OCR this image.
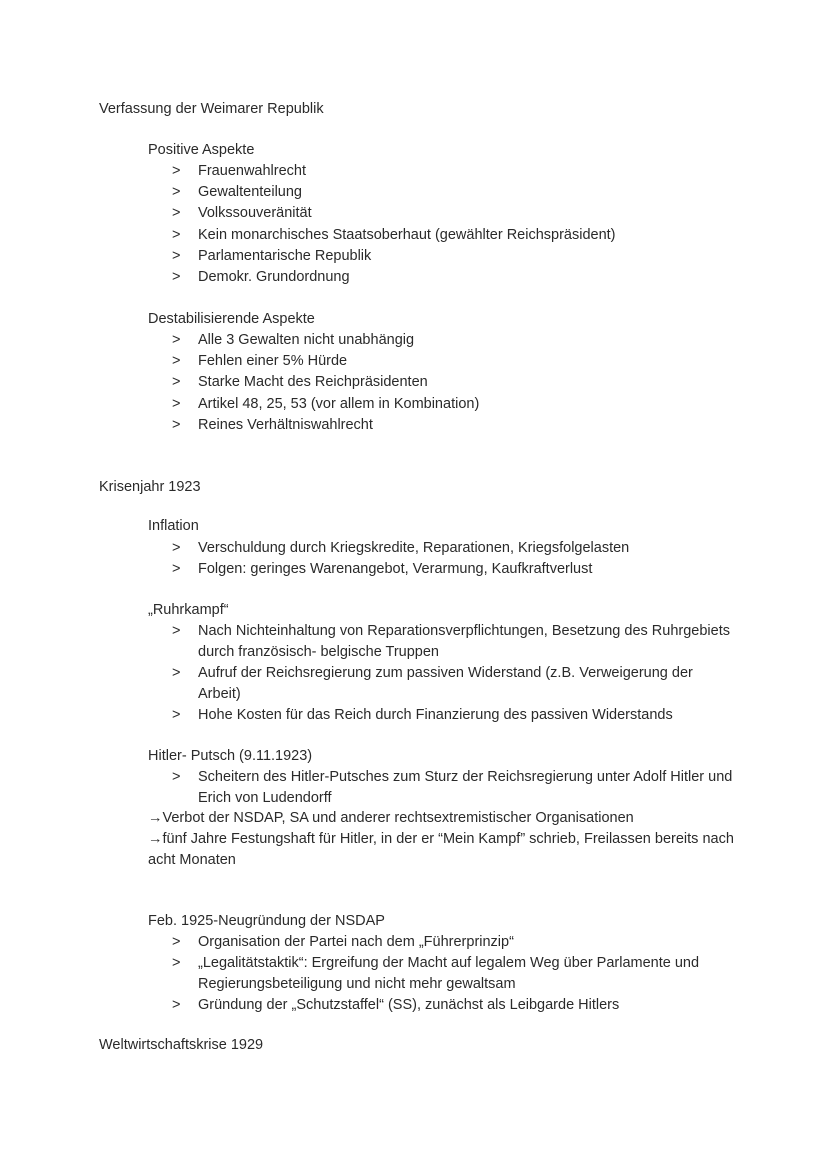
Verfassung der Weimarer Republik
Positive Aspekte
> Frauenwahlrecht
> Gewaltenteilung
> Volkssouveränität
> Kein monarchisches Staatsoberhaut (gewählter Reichspräsident)
> Parlamentarische Republik
> Demokr. Grundordnung
Destabilisierende Aspekte
> Alle 3 Gewalten nicht unabhängig
> Fehlen einer 5% Hürde
> Starke Macht des Reichpräsidenten
> Artikel 48, 25, 53 (vor allem in Kombination)
> Reines Verhältniswahlrecht
Krisenjahr 1923
Inflation
> Verschuldung durch Kriegskredite, Reparationen, Kriegsfolgelasten
> Folgen: geringes Warenangebot, Verarmung, Kaufkraftverlust
„Ruhrkampf“
> Nach Nichteinhaltung von Reparationsverpflichtungen, Besetzung des Ruhrgebiets durch französisch- belgische Truppen
> Aufruf der Reichsregierung zum passiven Widerstand (z.B. Verweigerung der Arbeit)
> Hohe Kosten für das Reich durch Finanzierung des passiven Widerstands
Hitler- Putsch (9.11.1923)
> Scheitern des Hitler-Putsches zum Sturz der Reichsregierung unter Adolf Hitler und Erich von Ludendorff
→Verbot der NSDAP, SA und anderer rechtsextremistischer Organisationen
→fünf Jahre Festungshaft für Hitler, in der er “Mein Kampf” schrieb, Freilassen bereits nach acht Monaten
Feb. 1925-Neugründung der NSDAP
> Organisation der Partei nach dem „Führerprinzip“
> „Legalitätstaktik“: Ergreifung der Macht auf legalem Weg über Parlamente und Regierungsbeteiligung und nicht mehr gewaltsam
> Gründung der „Schutzstaffel“ (SS), zunächst als Leibgarde Hitlers
Weltwirtschaftskrise 1929
